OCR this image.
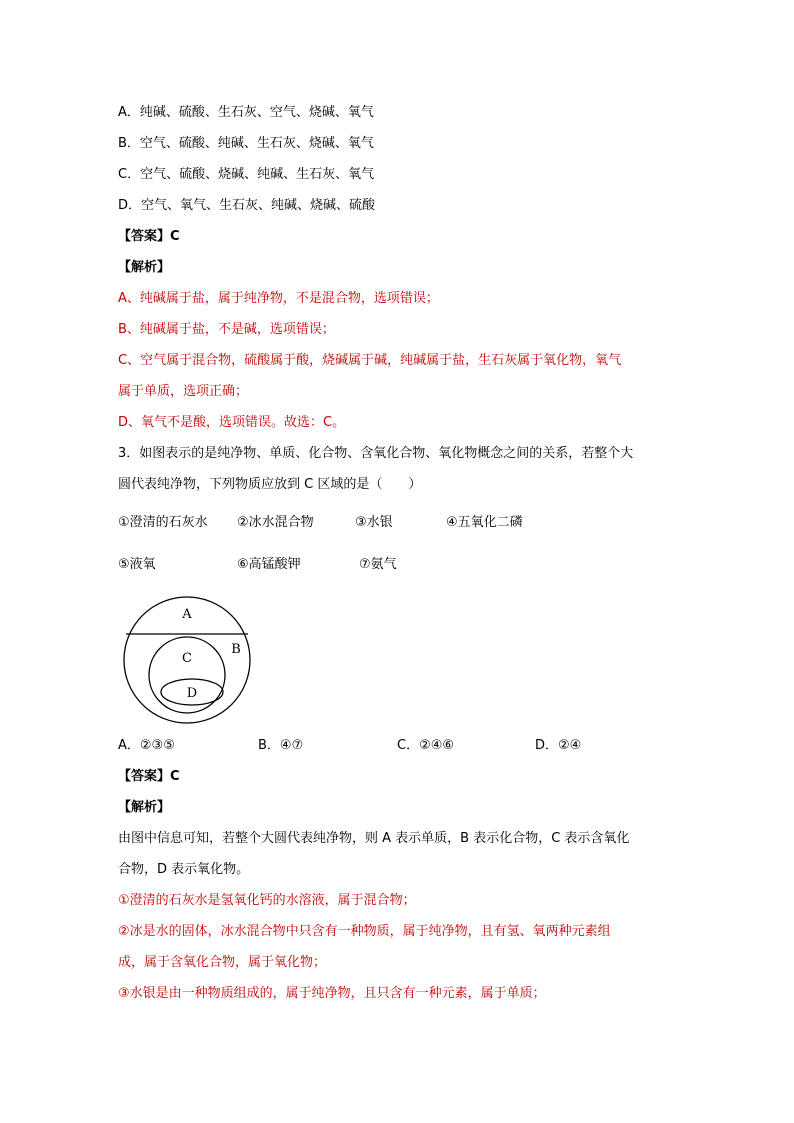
A．纯碱、硫酸、生石灰、空气、烧碱、氧气
B．空气、硫酸、纯碱、生石灰、烧碱、氧气
C．空气、硫酸、烧碱、纯碱、生石灰、氧气
D．空气、氧气、生石灰、纯碱、烧碱、硫酸
【答案】C
【解析】
A、纯碱属于盐，属于纯净物，不是混合物，选项错误；
B、纯碱属于盐，不是碱，选项错误；
C、空气属于混合物，硫酸属于酸，烧碱属于碱，纯碱属于盐，生石灰属于氧化物，氧气
属于单质，选项正确；
D、氧气不是酸，选项错误。故选：C。
3．如图表示的是纯净物、单质、化合物、含氧化合物、氧化物概念之间的关系，若整个大
圆代表纯净物，下列物质应放到 C 区域的是（　　）
①澄清的石灰水 ②冰水混合物	③水银	④五氧化二磷
⑤液氧	⑥高锰酸钾	⑦氨气
A
B
C
D
A．②③⑤	B．④⑦	C．②④⑥	D．②④
【答案】C
【解析】
由图中信息可知，若整个大圆代表纯净物，则 A 表示单质，B 表示化合物，C 表示含氧化
合物，D 表示氧化物。
①澄清的石灰水是氢氧化钙的水溶液，属于混合物；
②冰是水的固体，冰水混合物中只含有一种物质，属于纯净物，且有氢、氧两种元素组
成，属于含氧化合物，属于氧化物；
③水银是由一种物质组成的，属于纯净物，且只含有一种元素，属于单质；
